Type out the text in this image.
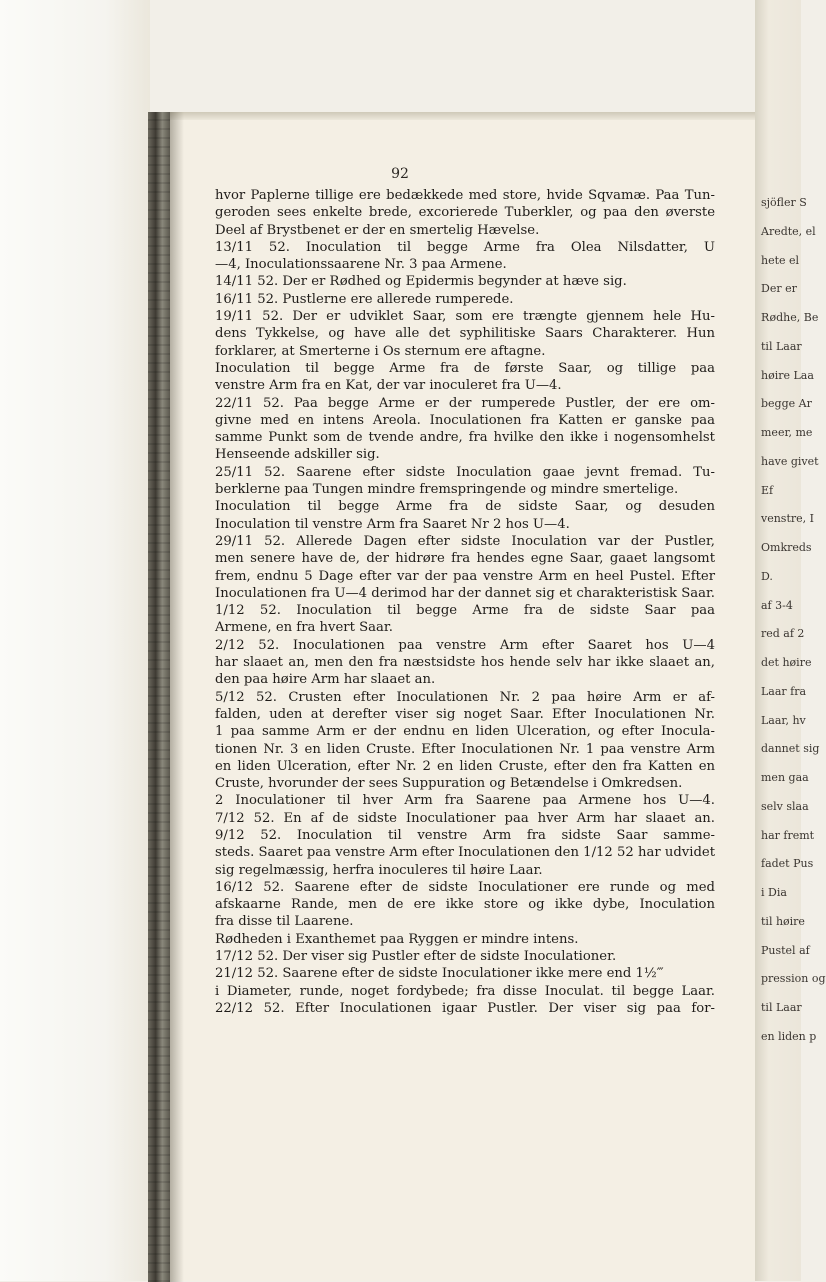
sjöfler S
Aredte, el
hete el
Der er
Rødhe, Be
til Laar
høire Laa
begge Ar
meer, me
have givet
Ef
venstre, I
Omkreds
D.
af 3-4
red af 2
det høire
Laar fra
Laar, hv
dannet sig
men gaa
selv slaa
har fremt
fadet Pus
i Dia
til høire
Pustel af
pression og
til Laar
en liden p
92
hvor Paplerne tillige ere bedækkede med store, hvide Sqvamæ. Paa Tun-
geroden sees enkelte brede, excorierede Tuberkler, og paa den øverste
Deel af Brystbenet er der en smertelig Hævelse.
13/11 52. Inoculation til begge Arme fra Olea Nilsdatter, U
—4, Inoculationssaarene Nr. 3 paa Armene.
14/11 52. Der er Rødhed og Epidermis begynder at hæve sig.
16/11 52. Pustlerne ere allerede rumperede.
19/11 52. Der er udviklet Saar, som ere trængte gjennem hele Hu-
dens Tykkelse, og have alle det syphilitiske Saars Charakterer. Hun
forklarer, at Smerterne i Os sternum ere aftagne.
Inoculation til begge Arme fra de første Saar, og tillige paa
venstre Arm fra en Kat, der var inoculeret fra U—4.
22/11 52. Paa begge Arme er der rumperede Pustler, der ere om-
givne med en intens Areola. Inoculationen fra Katten er ganske paa
samme Punkt som de tvende andre, fra hvilke den ikke i nogensomhelst
Henseende adskiller sig.
25/11 52. Saarene efter sidste Inoculation gaae jevnt fremad. Tu-
berklerne paa Tungen mindre fremspringende og mindre smertelige.
Inoculation til begge Arme fra de sidste Saar, og desuden
Inoculation til venstre Arm fra Saaret Nr 2 hos U—4.
29/11 52. Allerede Dagen efter sidste Inoculation var der Pustler,
men senere have de, der hidrøre fra hendes egne Saar, gaaet langsomt
frem, endnu 5 Dage efter var der paa venstre Arm en heel Pustel. Efter
Inoculationen fra U—4 derimod har der dannet sig et charakteristisk Saar.
1/12 52. Inoculation til begge Arme fra de sidste Saar paa
Armene, en fra hvert Saar.
2/12 52. Inoculationen paa venstre Arm efter Saaret hos U—4
har slaaet an, men den fra næstsidste hos hende selv har ikke slaaet an,
den paa høire Arm har slaaet an.
5/12 52. Crusten efter Inoculationen Nr. 2 paa høire Arm er af-
falden, uden at derefter viser sig noget Saar. Efter Inoculationen Nr.
1 paa samme Arm er der endnu en liden Ulceration, og efter Inocula-
tionen Nr. 3 en liden Cruste. Efter Inoculationen Nr. 1 paa venstre Arm
en liden Ulceration, efter Nr. 2 en liden Cruste, efter den fra Katten en
Cruste, hvorunder der sees Suppuration og Betændelse i Omkredsen.
2 Inoculationer til hver Arm fra Saarene paa Armene hos U—4.
7/12 52. En af de sidste Inoculationer paa hver Arm har slaaet an.
9/12 52. Inoculation til venstre Arm fra sidste Saar samme-
steds. Saaret paa venstre Arm efter Inoculationen den 1/12 52 har udvidet
sig regelmæssig, herfra inoculeres til høire Laar.
16/12 52. Saarene efter de sidste Inoculationer ere runde og med
afskaarne Rande, men de ere ikke store og ikke dybe, Inoculation
fra disse til Laarene.
Rødheden i Exanthemet paa Ryggen er mindre intens.
17/12 52. Der viser sig Pustler efter de sidste Inoculationer.
21/12 52. Saarene efter de sidste Inoculationer ikke mere end 1½‴
i Diameter, runde, noget fordybede; fra disse Inoculat. til begge Laar.
22/12 52. Efter Inoculationen igaar Pustler. Der viser sig paa for-
